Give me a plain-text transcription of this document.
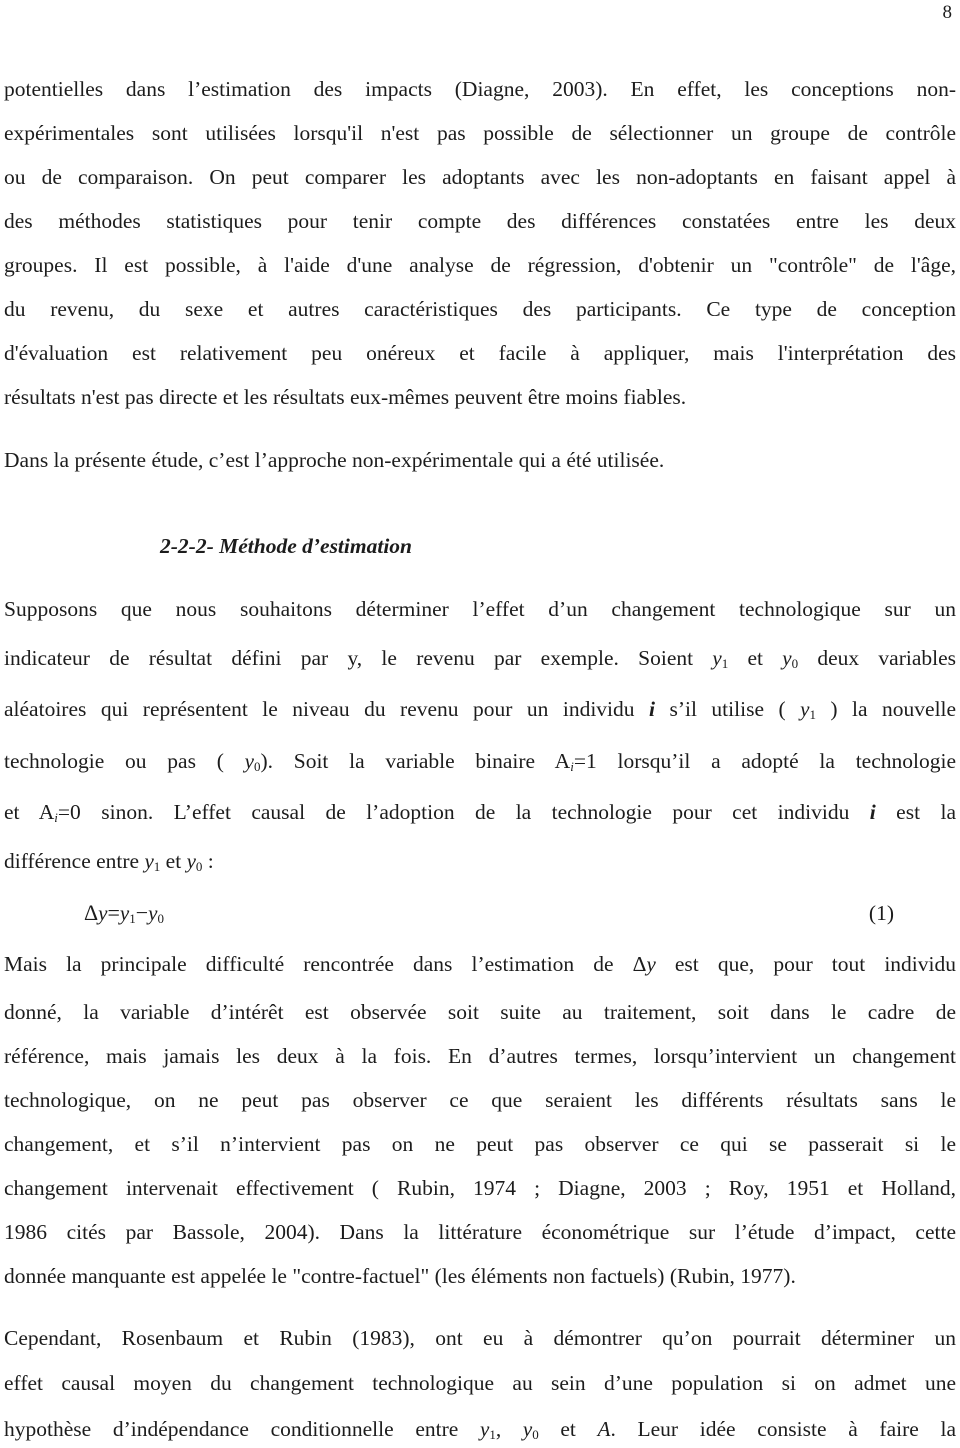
8
potentielles dans l’estimation des impacts (Diagne, 2003). En effet, les conceptions non-
expérimentales sont utilisées lorsqu'il n'est pas possible de sélectionner un groupe de contrôle
ou de comparaison. On peut comparer les adoptants avec les non-adoptants en faisant appel à
des méthodes statistiques pour tenir compte des différences constatées entre les deux
groupes. Il est possible, à l'aide d'une analyse de régression, d'obtenir un "contrôle" de l'âge,
du revenu, du sexe et autres caractéristiques des participants. Ce type de conception
d'évaluation est relativement peu onéreux et facile à appliquer, mais l'interprétation des
résultats n'est pas directe et les résultats eux-mêmes peuvent être moins fiables.
Dans la présente étude, c’est l’approche non-expérimentale qui a été utilisée.
2-2-2- Méthode d’estimation
Supposons que nous souhaitons déterminer l’effet d’un changement technologique sur un
indicateur de résultat défini par y, le revenu par exemple. Soient $y_1$ et $y_0$ deux variables
aléatoires qui représentent le niveau du revenu pour un individu i s’il utilise ( $y_1$ ) la nouvelle
technologie ou pas ( $y_0$). Soit la variable binaire Ai=1 lorsqu’il a adopté la technologie
et Ai=0 sinon. L’effet causal de l’adoption de la technologie pour cet individu i est la
différence entre $y_1$ et $y_0$ :
$\Delta y=y_1-y_0$	(1)
Mais la principale difficulté rencontrée dans l’estimation de Δy est que, pour tout individu
donné, la variable d’intérêt est observée soit suite au traitement, soit dans le cadre de
référence, mais jamais les deux à la fois. En d’autres termes, lorsqu’intervient un changement
technologique, on ne peut pas observer ce que seraient les différents résultats sans le
changement, et s’il n’intervient pas on ne peut pas observer ce qui se passerait si le
changement intervenait effectivement ( Rubin, 1974 ; Diagne, 2003 ; Roy, 1951 et Holland,
1986 cités par Bassole, 2004). Dans la littérature économétrique sur l’étude d’impact, cette
donnée manquante est appelée le "contre-factuel" (les éléments non factuels) (Rubin, 1977).
Cependant, Rosenbaum et Rubin (1983), ont eu à démontrer qu’on pourrait déterminer un
effet causal moyen du changement technologique au sein d’une population si on admet une
hypothèse d’indépendance conditionnelle entre $y_1$, $y_0$ et A. Leur idée consiste à faire la
